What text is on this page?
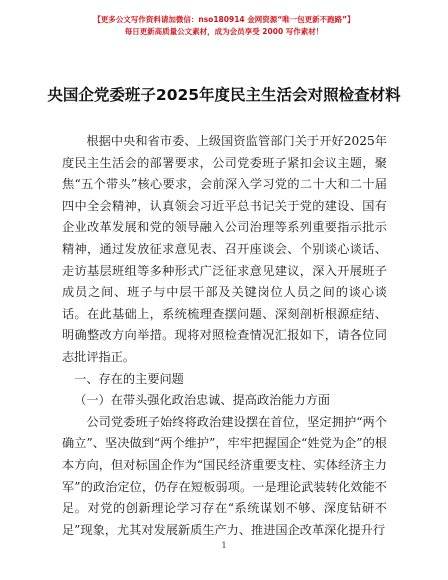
【更多公文写作资料请加微信：nso180914 金网资源“唯一包更新不跑路”】
每日更新高质量公文素材，成为会员享受 2000 写作素材！
央国企党委班子2025年度民主生活会对照检查材料

根据中央和省市委、上级国资监管部门关于开好2025年度民主生活会的部署要求，公司党委班子紧扣会议主题，聚焦“五个带头”核心要求，会前深入学习党的二十大和二十届四中全会精神，认真领会习近平总书记关于党的建设、国有企业改革发展和党的领导融入公司治理等系列重要指示批示精神，通过发放征求意见表、召开座谈会、个别谈心谈话、走访基层班组等多种形式广泛征求意见建议，深入开展班子成员之间、班子与中层干部及关键岗位人员之间的谈心谈话。在此基础上，系统梳理查摆问题、深刻剖析根源症结、明确整改方向举措。现将对照检查情况汇报如下，请各位同志批评指正。

一、存在的主要问题

（一）在带头强化政治忠诚、提高政治能力方面

公司党委班子始终将政治建设摆在首位，坚定拥护“两个确立”、坚决做到“两个维护”，牢牢把握国企“姓党为企”的根本方向，但对标国企作为“国民经济重要支柱、实体经济主力军”的政治定位，仍存在短板弱项。一是理论武装转化效能不足。对党的创新理论学习存在“系统谋划不够、深度钻研不足”现象，尤其对发展新质生产力、推进国企改革深化提升行

1
